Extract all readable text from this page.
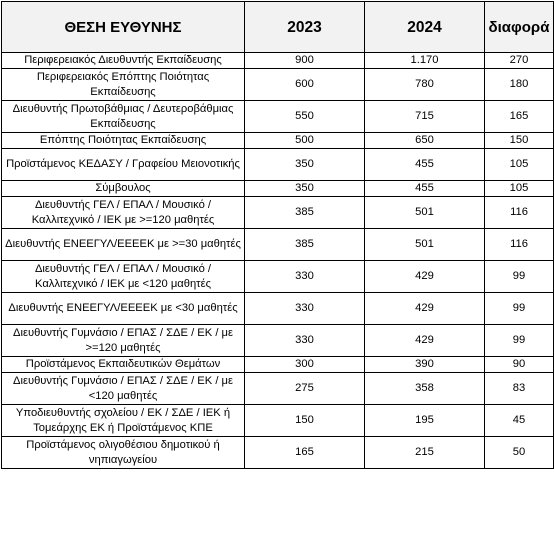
ΘΕΣΗ ΕΥΘΥΝΗΣ	2023	2024	διαφορά
Περιφερειακός Διευθυντής Εκπαίδευσης	900	1.170	270
Περιφερειακός Επόπτης Ποιότητας Εκπαίδευσης	600	780	180
Διευθυντής Πρωτοβάθμιας / Δευτεροβάθμιας Εκπαίδευσης	550	715	165
Επόπτης Ποιότητας Εκπαίδευσης	500	650	150
Προϊστάμενος ΚΕΔΑΣΥ / Γραφείου Μειονοτικής	350	455	105
Σύμβουλος	350	455	105
Διευθυντής ΓΕΛ / ΕΠΑΛ / Μουσικό / Καλλιτεχνικό / ΙΕΚ με >=120 μαθητές	385	501	116
Διευθυντής ΕΝΕΕΓΥΛ/ΕΕΕΕΚ με >=30 μαθητές	385	501	116
Διευθυντής ΓΕΛ / ΕΠΑΛ / Μουσικό / Καλλιτεχνικό / ΙΕΚ με <120 μαθητές	330	429	99
Διευθυντής ΕΝΕΕΓΥΛ/ΕΕΕΕΚ με <30 μαθητές	330	429	99
Διευθυντής Γυμνάσιο / ΕΠΑΣ / ΣΔΕ / ΕΚ / με >=120 μαθητές	330	429	99
Προϊστάμενος Εκπαιδευτικών Θεμάτων	300	390	90
Διευθυντής Γυμνάσιο / ΕΠΑΣ / ΣΔΕ / ΕΚ / με <120 μαθητές	275	358	83
Υποδιευθυντής σχολείου / ΕΚ / ΣΔΕ / ΙΕΚ ή Τομεάρχης ΕΚ ή Προϊστάμενος ΚΠΕ	150	195	45
Προϊστάμενος ολιγοθέσιου δημοτικού ή νηπιαγωγείου	165	215	50
